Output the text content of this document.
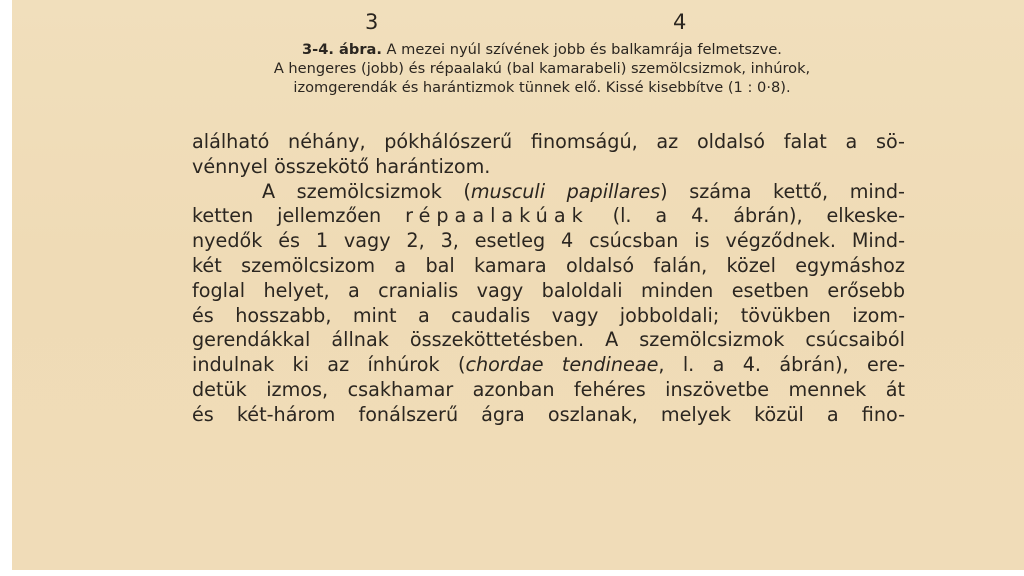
3	4
3-4. ábra. A mezei nyúl szívének jobb és balkamrája felmetszve.
A hengeres (jobb) és répaalakú (bal kamarabeli) szemölcsizmok, inhúrok,
izomgerendák és harántizmok tünnek elő. Kissé kisebbítve (1 : 0·8).
alálható néhány, pókhálószerű finomságú, az oldalsó falat a sö-
vénnyel összekötő harántizom.
A szemölcsizmok (musculi papillares) száma kettő, mind-
ketten jellemzően répaalakúak (l. a 4. ábrán), elkeske-
nyedők és 1 vagy 2, 3, esetleg 4 csúcsban is végződnek. Mind-
két szemölcsizom a bal kamara oldalsó falán, közel egymáshoz
foglal helyet, a cranialis vagy baloldali minden esetben erősebb
és hosszabb, mint a caudalis vagy jobboldali; tövükben izom-
gerendákkal állnak összeköttetésben. A szemölcsizmok csúcsaiból
indulnak ki az ínhúrok (chordae tendineae, l. a 4. ábrán), ere-
detük izmos, csakhamar azonban fehéres inszövetbe mennek át
és két-három fonálszerű ágra oszlanak, melyek közül a fino-
